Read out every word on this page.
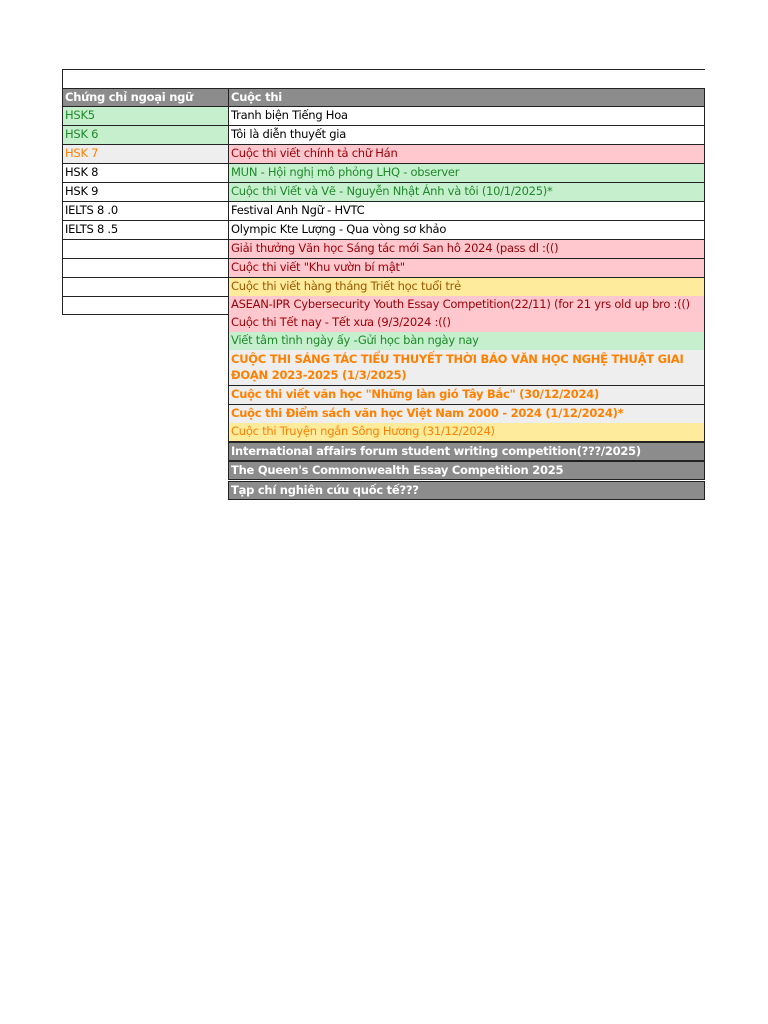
Chứng chỉ ngoại ngữ	Cuộc thi
HSK5
HSK 6
HSK 7
HSK 8
HSK 9
IELTS 8 .0
IELTS 8 .5
Tranh biện Tiếng Hoa
Tôi là diễn thuyết gia
Cuộc thi viết chính tả chữ Hán
MUN - Hội nghị mô phỏng LHQ - observer
Cuộc thi Viết và Vẽ - Nguyễn Nhật Ánh và tôi (10/1/2025)*
Festival Anh Ngữ - HVTC
Olympic Kte Lượng - Qua vòng sơ khảo
Giải thưởng Văn học Sáng tác mới San hô 2024 (pass dl :(()
Cuộc thi viết "Khu vườn bí mật"
Cuộc thi viết hàng tháng Triết học tuổi trẻ
ASEAN-IPR Cybersecurity Youth Essay Competition(22/11) (for 21 yrs old up bro :(()
Cuộc thi Tết nay - Tết xưa (9/3/2024 :(()
Viết tâm tình ngày ấy -Gửi học bàn ngày nay
CUỘC THI SÁNG TÁC TIỂU THUYẾT THỜI BÁO VĂN HỌC NGHỆ THUẬT GIAI ĐOẠN 2023-2025 (1/3/2025)
Cuộc thi viết văn học "Những làn gió Tây Bắc" (30/12/2024)
Cuộc thi Điểm sách văn học Việt Nam 2000 - 2024 (1/12/2024)*
Cuộc thi Truyện ngắn Sông Hương (31/12/2024)
International affairs forum student writing competition(???/2025)
The Queen's Commonwealth Essay Competition 2025
Tạp chí nghiên cứu quốc tế???
